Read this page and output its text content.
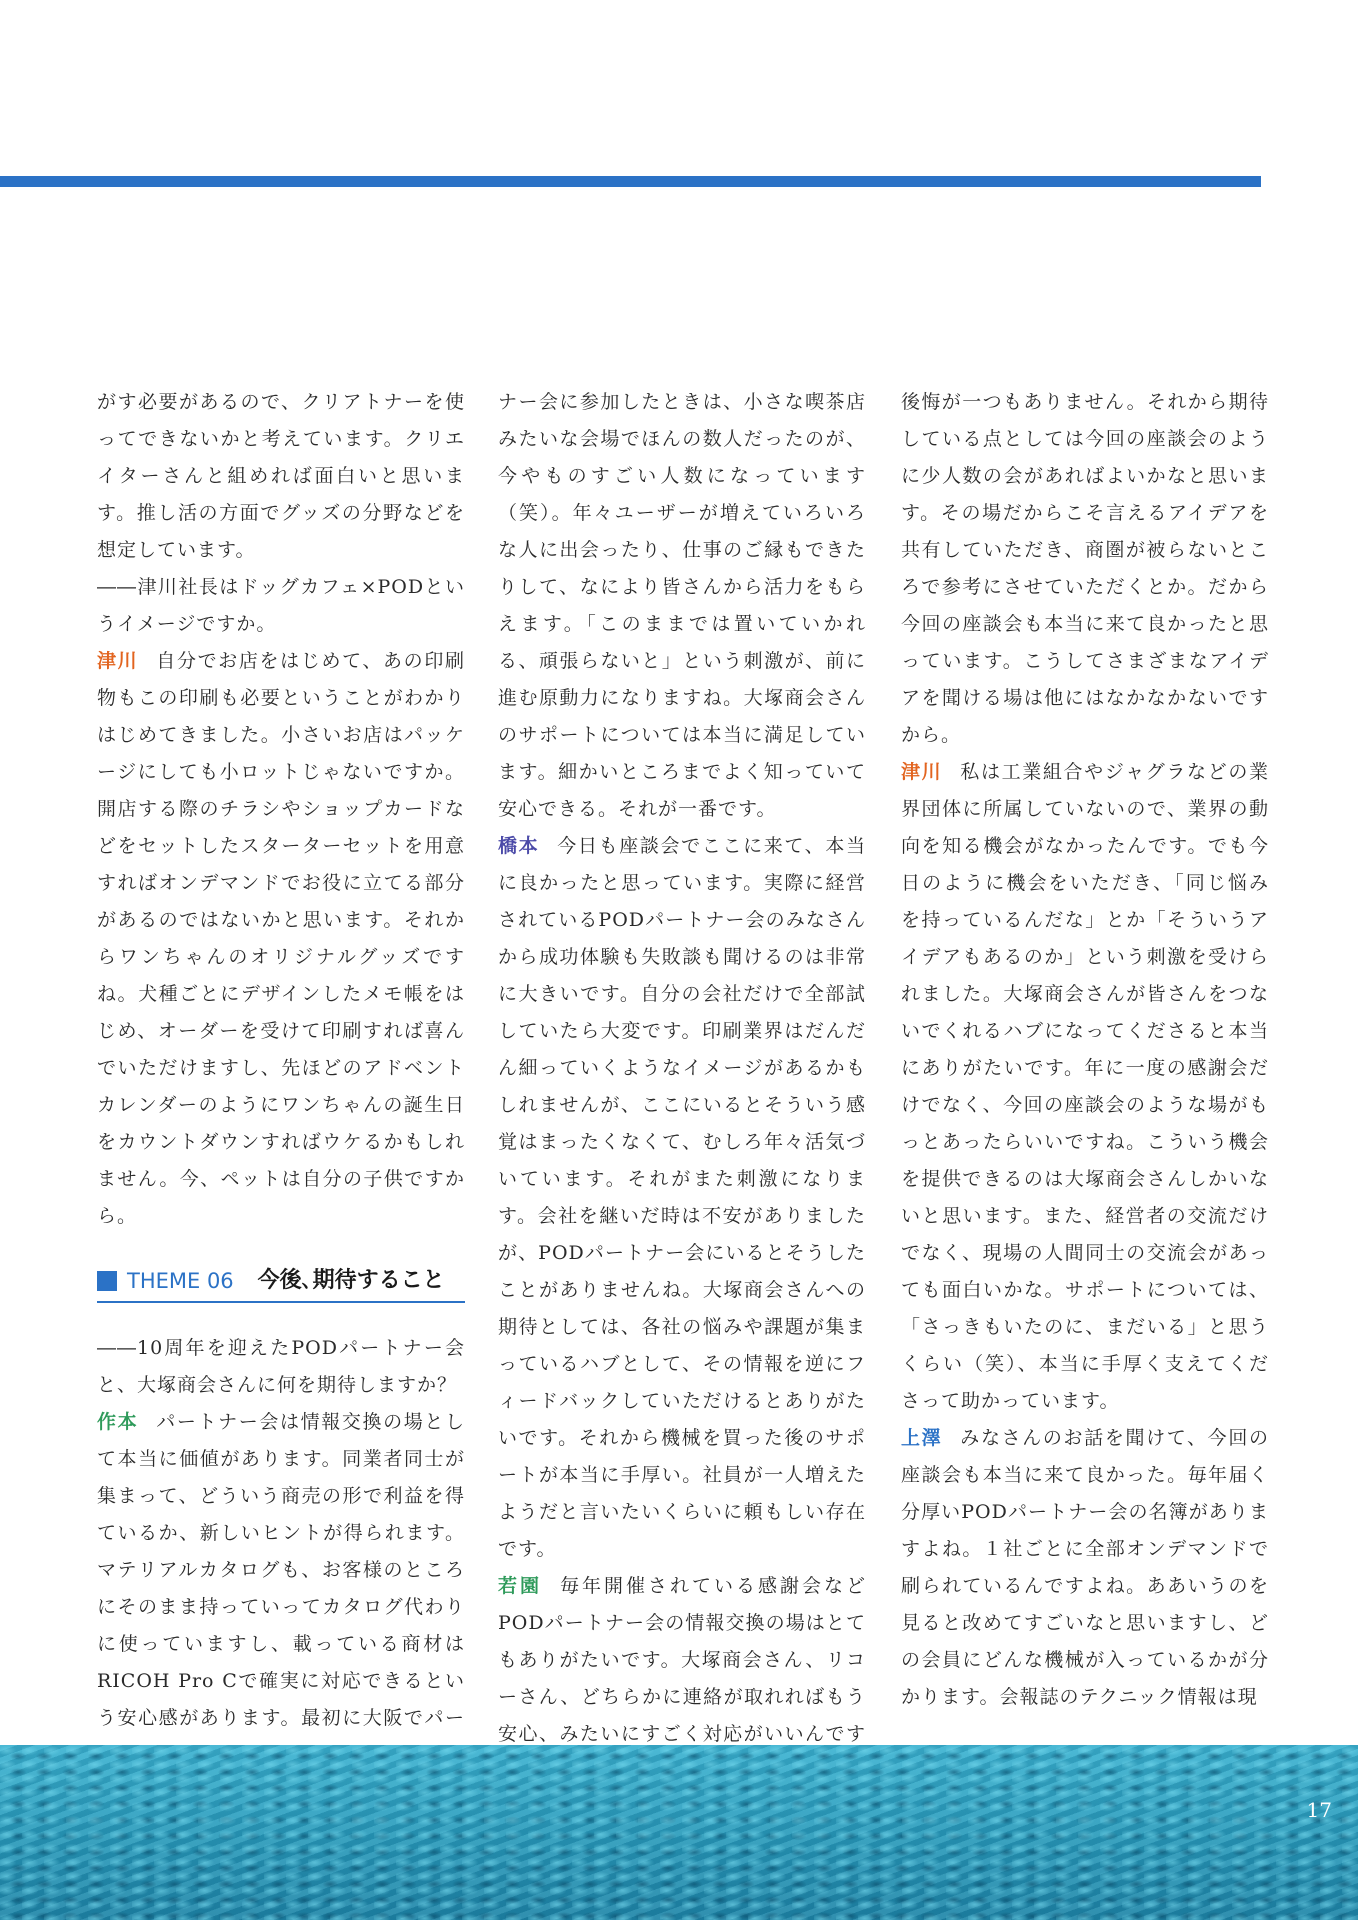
がす必要があるので、クリアトナーを使ってできないかと考えています。クリエイターさんと組めれば面白いと思います。推し活の方面でグッズの分野などを想定しています。

――津川社長はドッグカフェ×PODというイメージですか。

津川 自分でお店をはじめて、あの印刷物もこの印刷も必要ということがわかりはじめてきました。小さいお店はパッケージにしても小ロットじゃないですか。開店する際のチラシやショップカードなどをセットしたスターターセットを用意すればオンデマンドでお役に立てる部分があるのではないかと思います。それからワンちゃんのオリジナルグッズですね。犬種ごとにデザインしたメモ帳をはじめ、オーダーを受けて印刷すれば喜んでいただけますし、先ほどのアドベントカレンダーのようにワンちゃんの誕生日をカウントダウンすればウケるかもしれません。今、ペットは自分の子供ですから。

THEME 06 今後､期待すること

――10周年を迎えたPODパートナー会と、大塚商会さんに何を期待しますか？

作本 パートナー会は情報交換の場として本当に価値があります。同業者同士が集まって、どういう商売の形で利益を得ているか、新しいヒントが得られます。マテリアルカタログも、お客様のところにそのまま持っていってカタログ代わりに使っていますし、載っている商材はRICOH Pro Cで確実に対応できるという安心感があります。最初に大阪でパー

ナー会に参加したときは、小さな喫茶店みたいな会場でほんの数人だったのが、今やものすごい人数になっています（笑）。年々ユーザーが増えていろいろな人に出会ったり、仕事のご縁もできたりして、なにより皆さんから活力をもらえます。「このままでは置いていかれる、頑張らないと」という刺激が、前に進む原動力になりますね。大塚商会さんのサポートについては本当に満足しています。細かいところまでよく知っていて安心できる。それが一番です。

橋本 今日も座談会でここに来て、本当に良かったと思っています。実際に経営されているPODパートナー会のみなさんから成功体験も失敗談も聞けるのは非常に大きいです。自分の会社だけで全部試していたら大変です。印刷業界はだんだん細っていくようなイメージがあるかもしれませんが、ここにいるとそういう感覚はまったくなくて、むしろ年々活気づいています。それがまた刺激になります。会社を継いだ時は不安がありましたが、PODパートナー会にいるとそうしたことがありませんね。大塚商会さんへの期待としては、各社の悩みや課題が集まっているハブとして、その情報を逆にフィードバックしていただけるとありがたいです。それから機械を買った後のサポートが本当に手厚い。社員が一人増えたようだと言いたいくらいに頼もしい存在です。

若園 毎年開催されている感謝会などPODパートナー会の情報交換の場はとてもありがたいです。大塚商会さん、リコーさん、どちらかに連絡が取れればもう安心、みたいにすごく対応がいいんです

後悔が一つもありません。それから期待している点としては今回の座談会のように少人数の会があればよいかなと思います。その場だからこそ言えるアイデアを共有していただき、商圏が被らないところで参考にさせていただくとか。だから今回の座談会も本当に来て良かったと思っています。こうしてさまざまなアイデアを聞ける場は他にはなかなかないですから。

津川 私は工業組合やジャグラなどの業界団体に所属していないので、業界の動向を知る機会がなかったんです。でも今日のように機会をいただき、「同じ悩みを持っているんだな」とか「そういうアイデアもあるのか」という刺激を受けられました。大塚商会さんが皆さんをつないでくれるハブになってくださると本当にありがたいです。年に一度の感謝会だけでなく、今回の座談会のような場がもっとあったらいいですね。こういう機会を提供できるのは大塚商会さんしかいないと思います。また、経営者の交流だけでなく、現場の人間同士の交流会があっても面白いかな。サポートについては、「さっきもいたのに、まだいる」と思うくらい（笑）、本当に手厚く支えてくださって助かっています。

上澤 みなさんのお話を聞けて、今回の座談会も本当に来て良かった。毎年届く分厚いPODパートナー会の名簿がありますよね。１社ごとに全部オンデマンドで刷られているんですよね。ああいうのを見ると改めてすごいなと思いますし、どの会員にどんな機械が入っているかが分かります。会報誌のテクニック情報は現

17
